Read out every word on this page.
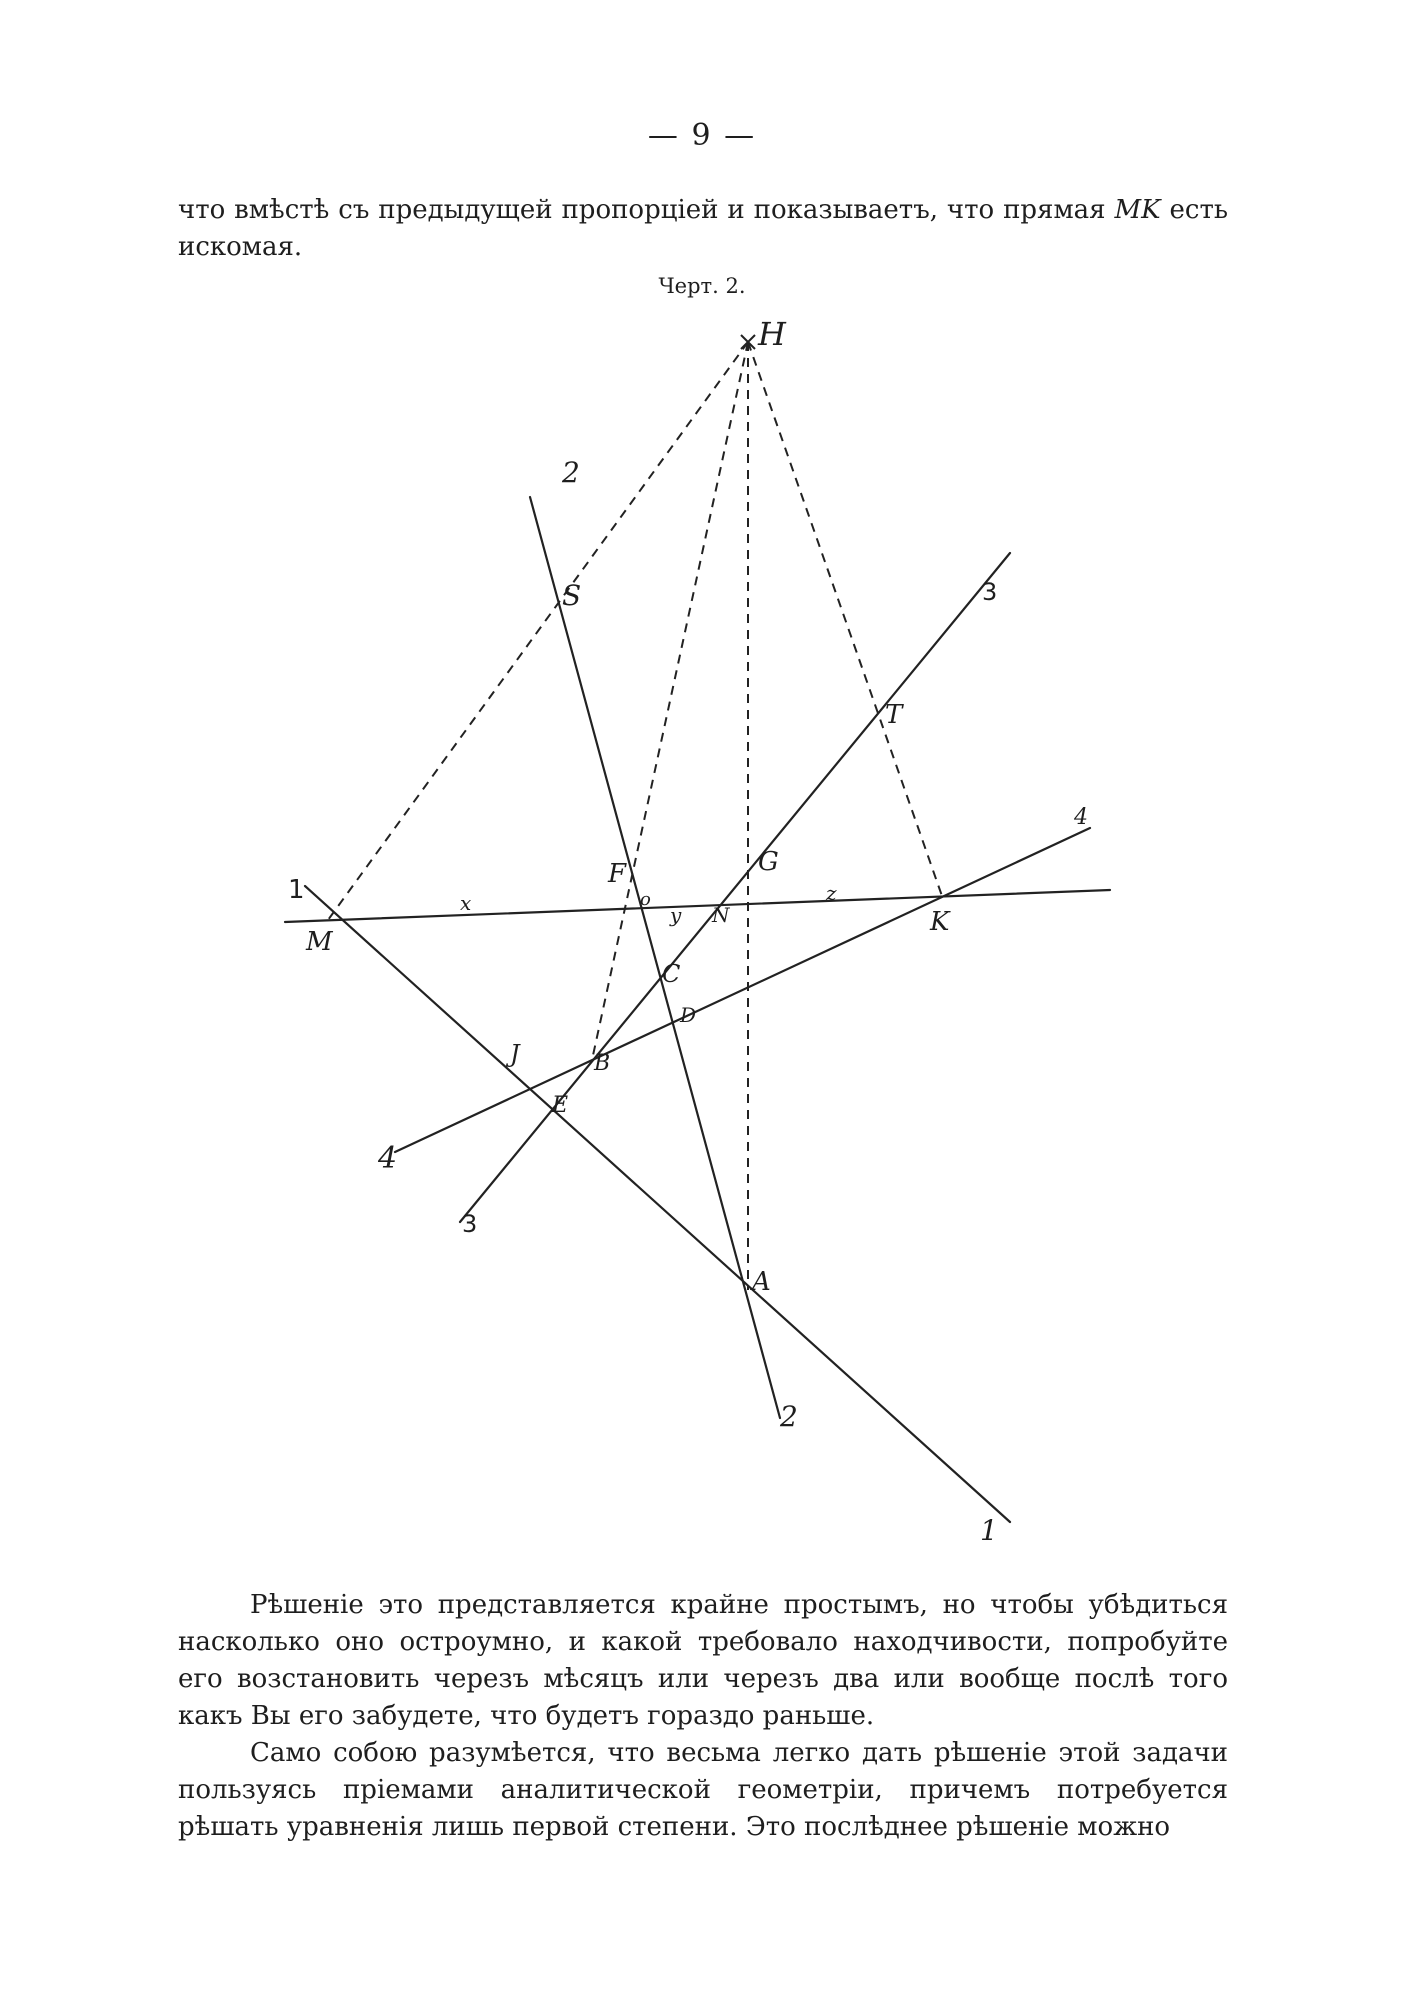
— 9 —

что вмѣстѣ съ предыдущей пропорціей и показываетъ, что прямая MK есть искомая.

Черт. 2.
H
2
S	3
T
4
F
o
G
x	y N
z
1
M
K
C
D
J	B
E
4
3
A
2
1

Рѣшеніе это представляется крайне простымъ, но чтобы убѣдиться насколько оно остроумно, и какой требовало находчивости, попробуйте его возстановить черезъ мѣсяцъ или черезъ два или вообще послѣ того какъ Вы его забудете, что будетъ гораздо раньше.

Само собою разумѣется, что весьма легко дать рѣшеніе этой задачи пользуясь пріемами аналитической геометріи, причемъ потребуется рѣшать уравненія лишь первой степени. Это послѣднее рѣшеніе можно
